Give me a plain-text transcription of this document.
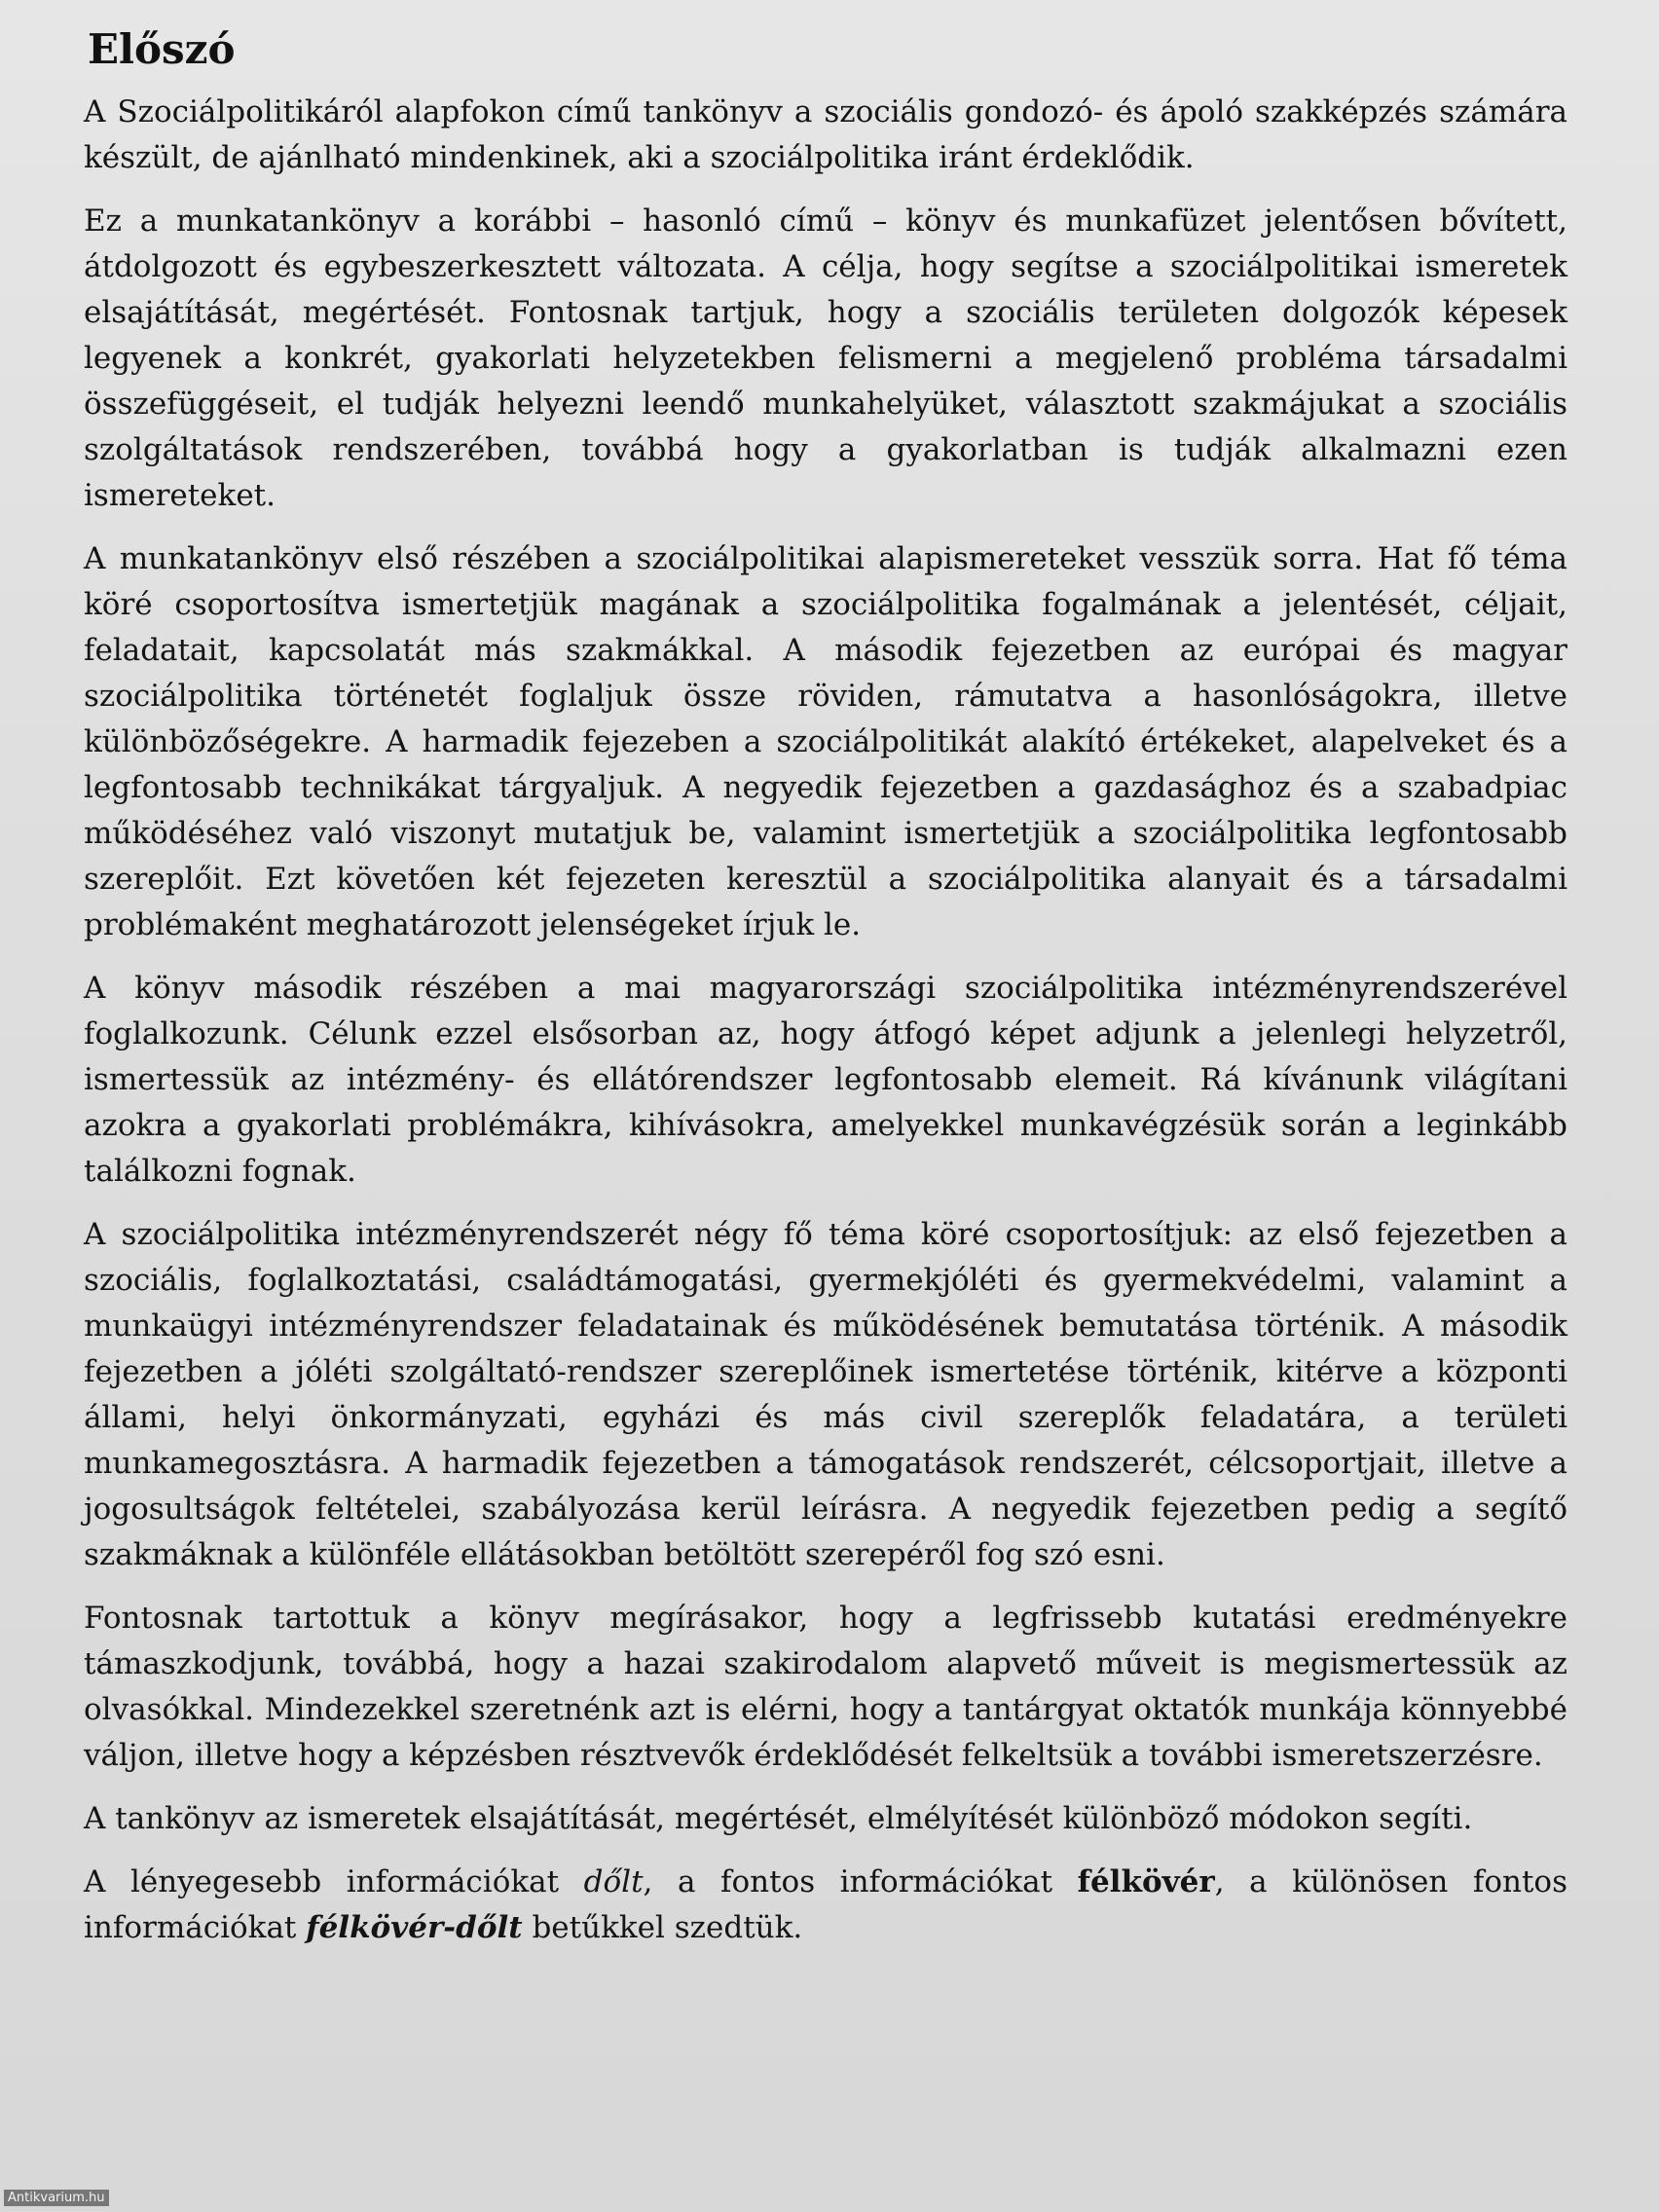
Előszó

A Szociálpolitikáról alapfokon című tankönyv a szociális gondozó- és ápoló szakképzés számára készült, de ajánlható mindenkinek, aki a szociálpolitika iránt érdeklődik.

Ez a munkatankönyv a korábbi – hasonló című – könyv és munkafüzet jelentősen bővített, átdolgozott és egybeszerkesztett változata. A célja, hogy segítse a szociálpolitikai ismeretek elsajátítását, megértését. Fontosnak tartjuk, hogy a szociális területen dolgozók képesek legyenek a konkrét, gyakorlati helyzetekben felismerni a megjelenő probléma társadalmi összefüggéseit, el tudják helyezni leendő munkahelyüket, választott szakmájukat a szociális szolgáltatások rendszerében, továbbá hogy a gyakorlatban is tudják alkalmazni ezen ismereteket.

A munkatankönyv első részében a szociálpolitikai alapismereteket vesszük sorra. Hat fő téma köré csoportosítva ismertetjük magának a szociálpolitika fogalmának a jelentését, céljait, feladatait, kapcsolatát más szakmákkal. A második fejezetben az európai és magyar szociálpolitika történetét foglaljuk össze röviden, rámutatva a hasonlóságokra, illetve különbözőségekre. A harmadik fejezeben a szociálpolitikát alakító értékeket, alapelveket és a legfontosabb technikákat tárgyaljuk. A negyedik fejezetben a gazdasághoz és a szabadpiac működéséhez való viszonyt mutatjuk be, valamint ismertetjük a szociálpolitika legfontosabb szereplőit. Ezt követően két fejezeten keresztül a szociálpolitika alanyait és a társadalmi problémaként meghatározott jelenségeket írjuk le.

A könyv második részében a mai magyarországi szociálpolitika intézményrendszerével foglalkozunk. Célunk ezzel elsősorban az, hogy átfogó képet adjunk a jelenlegi helyzetről, ismertessük az intézmény- és ellátórendszer legfontosabb elemeit. Rá kívánunk világítani azokra a gyakorlati problémákra, kihívásokra, amelyekkel munkavégzésük során a leginkább találkozni fognak.

A szociálpolitika intézményrendszerét négy fő téma köré csoportosítjuk: az első fejezetben a szociális, foglalkoztatási, családtámogatási, gyermekjóléti és gyermekvédelmi, valamint a munkaügyi intézményrendszer feladatainak és működésének bemutatása történik. A második fejezetben a jóléti szolgáltató-rendszer szereplőinek ismertetése történik, kitérve a központi állami, helyi önkormányzati, egyházi és más civil szereplők feladatára, a területi munkamegosztásra. A harmadik fejezetben a támogatások rendszerét, célcsoportjait, illetve a jogosultságok feltételei, szabályozása kerül leírásra. A negyedik fejezetben pedig a segítő szakmáknak a különféle ellátásokban betöltött szerepéről fog szó esni.

Fontosnak tartottuk a könyv megírásakor, hogy a legfrissebb kutatási eredményekre támaszkodjunk, továbbá, hogy a hazai szakirodalom alapvető műveit is megismertessük az olvasókkal. Mindezekkel szeretnénk azt is elérni, hogy a tantárgyat oktatók munkája könnyebbé váljon, illetve hogy a képzésben résztvevők érdeklődését felkeltsük a további ismeretszerzésre.

A tankönyv az ismeretek elsajátítását, megértését, elmélyítését különböző módokon segíti.

A lényegesebb információkat dőlt, a fontos információkat félkövér, a különösen fontos információkat félkövér-dőlt betűkkel szedtük.

Antikvarium.hu
